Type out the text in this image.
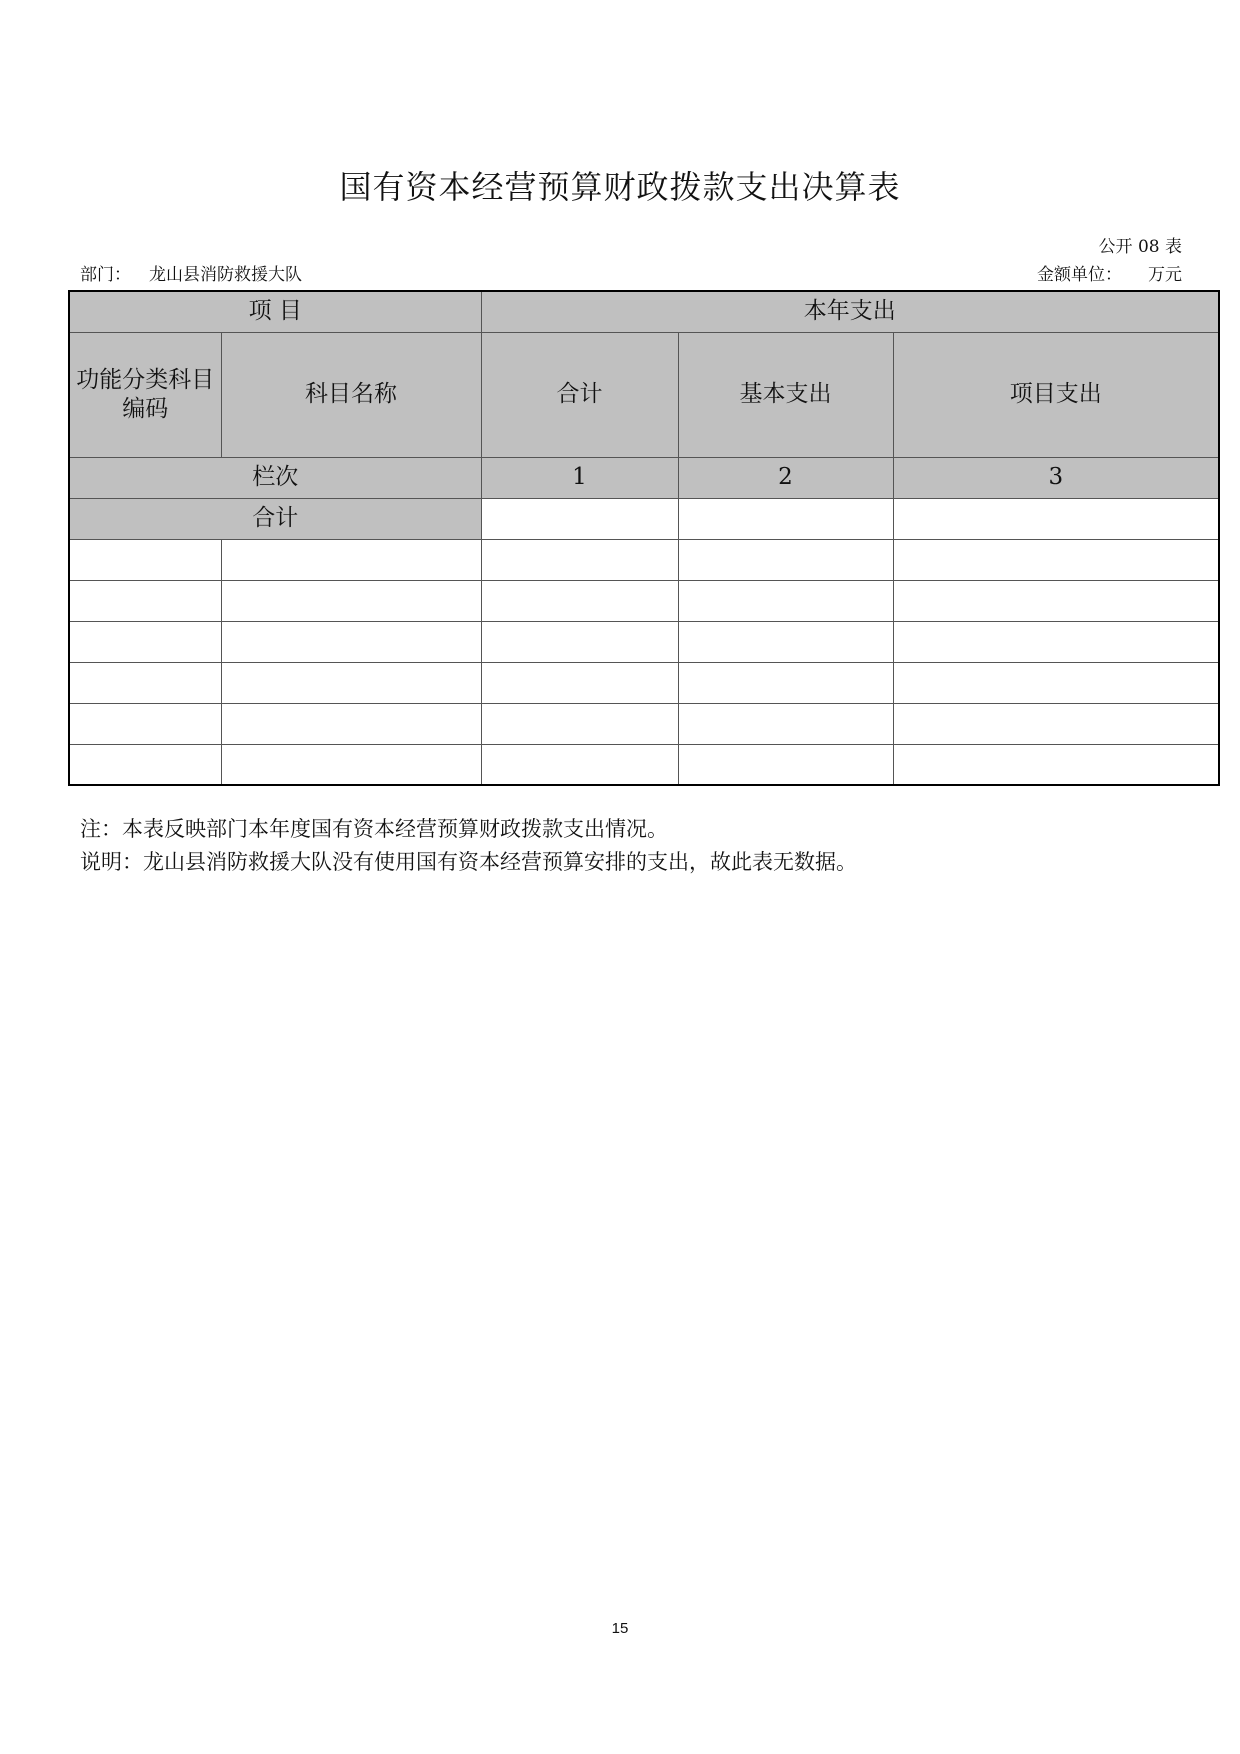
国有资本经营预算财政拨款支出决算表
公开 08 表
部门： 龙山县消防救援大队	金额单位： 万元
项 目		本年支出		
功能分类科目编码	科目名称	合计	基本支出	项目支出
栏次		1	2	3
合计				

注：本表反映部门本年度国有资本经营预算财政拨款支出情况。
说明：龙山县消防救援大队没有使用国有资本经营预算安排的支出，故此表无数据。
15
